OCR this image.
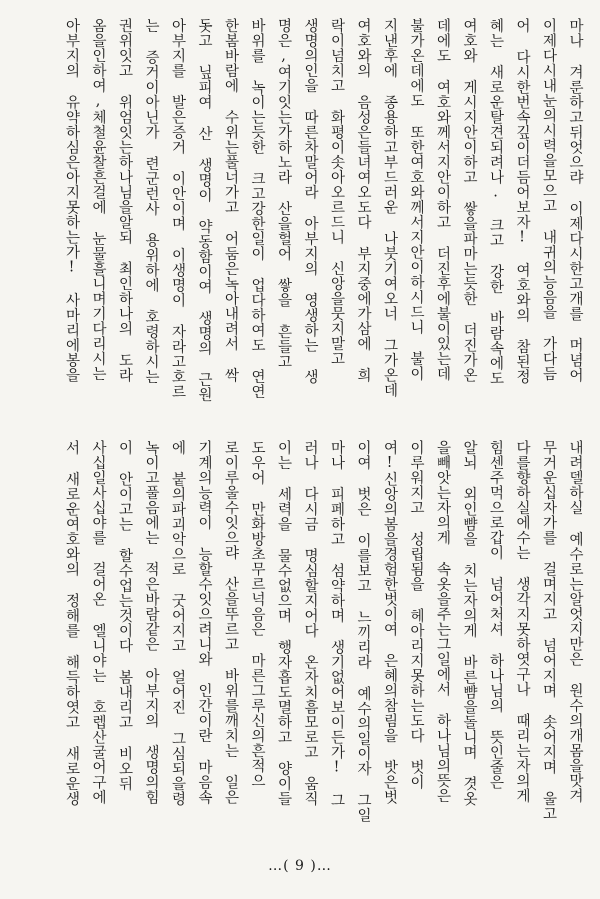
마나 겨룬하고뒤엇으랴 이제다시한고개를 머념어
이제다시내눈의시력을모으고 내귀의능음을 가다듬
어 다시한번속깊이더듬어보자! 여호와의 참된정
혜는 새로운탈견되려나. 크고 강한 바람속에도
여호와 게시지안이하고 쌓을파마는듯한 더진가온
데에도 여호와께서지안이하고 더진후에불이있는데
불가온데에도 또한여호와께서지안이하시드니 불이
지낸후에 종용하고부드러운 나붓기여오너 그가온데
여호와의 음성은들녀여오도다 부지중에가삼에 희
락이넘치고 화평이솟아오르드니 신앙을뭇지말고
생명의인을 따른차말어라 아부지의 영생하는 생
명은,여기잇는가하노라 산을헐어 쌓을 흔들고
바위를 녹이는듯한 크고강한일이 업다하여도 연연
한봄바람에 수위는풀너가고 어둠은녹아내려서 싹
돗고 닢피여 산 생명이 약동함이여 생명의 근원
아부지를 발은증거 이안이며 이생명이 자라고호르
는 증거이아닌가 련군런사 용위하에 호령하시는
권위잇고 위엄잇는하나님을알되 최인하나의 도라
옴을인하여,체철윤찰흔걸에 눈물흘니며기다리시는
아부지의 유약하심은아지못하는가! 사마리에봉을
내려델하실 예수로는알엇지만은 원수의개몸을맛겨
무거운십자가를 걸며지고 넘어지며 솟어지며 울고
다를향하실에수는 생각지못하엿구나 때리는자의게
힘센주먹으로갑이 넘어처셔 하나님의 뜻인줄은
알뇌 외인뺨을 치는자의게 바른뺨을돌니며 겻옷
을빼앗는자의게 속옷을주는그일에서 하나님의뜻은
이루워지고 성립됨을 헤아리지못하는도다 벗이
여!신앙의봄을경험한벗이여 은혜의참림을 밧은벗
이여 벗은 이를보고 느끼리라 예수의일이자 그일
마나 피페하고 섬약하며 생기없어보이든가! 그
러나 다시금 명심할지어다 온자치흠모로고 움직
이는 세력을 물수없으며 행자흡도멸하고 양이들
도우어 만화방초무르넉음은 마른그루신의흔적으
로이루울수잇으랴 산을뚜르고 바위를깨치는 일은
기계의능력이 능할수잇으려니와 인간이란 마음속
에 붙의파괴악으로 굿어지고 얼어진 그심되을령
녹이고풀음에는 적은바람같은 아부지의 생명의힘
이 안이고는 할수업는것이다 봄내리고 비오뒤
사십일사십야를 걸어온 엘니야는 호렙산굴어구에
서 새로운여호와의 정해를 해득하엿고 새로운생
…( 9 )…
